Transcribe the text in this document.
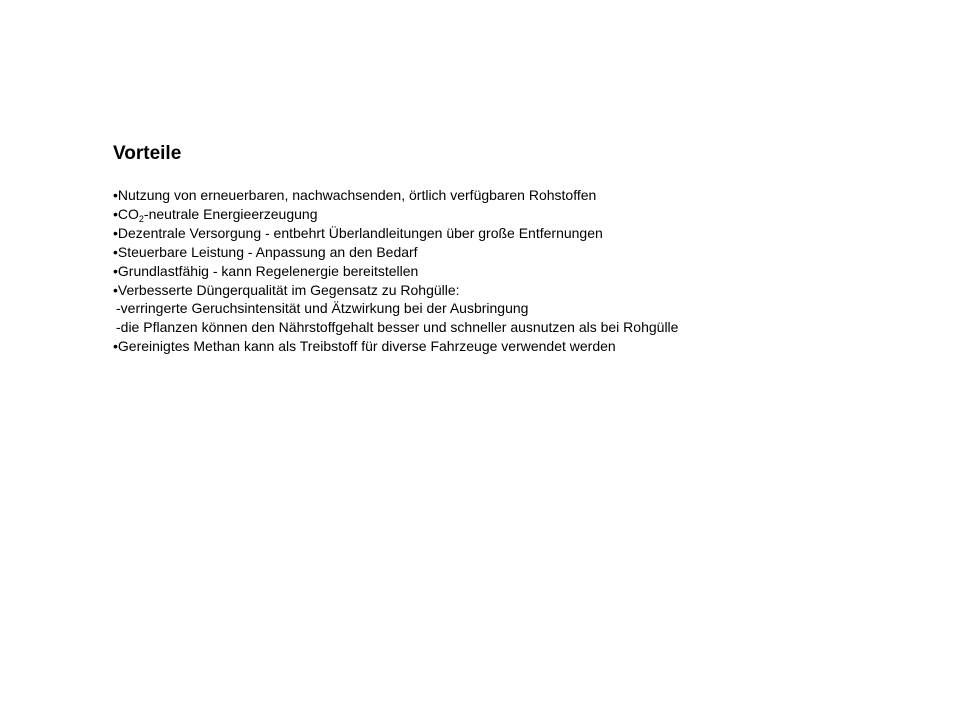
Vorteile
•Nutzung von erneuerbaren, nachwachsenden, örtlich verfügbaren Rohstoffen
$•CO_2$-neutrale Energieerzeugung
•Dezentrale Versorgung - entbehrt Überlandleitungen über große Entfernungen
•Steuerbare Leistung - Anpassung an den Bedarf
•Grundlastfähig - kann Regelenergie bereitstellen
•Verbesserte Düngerqualität im Gegensatz zu Rohgülle:
-verringerte Geruchsintensität und Ätzwirkung bei der Ausbringung
-die Pflanzen können den Nährstoffgehalt besser und schneller ausnutzen als bei Rohgülle
•Gereinigtes Methan kann als Treibstoff für diverse Fahrzeuge verwendet werden
